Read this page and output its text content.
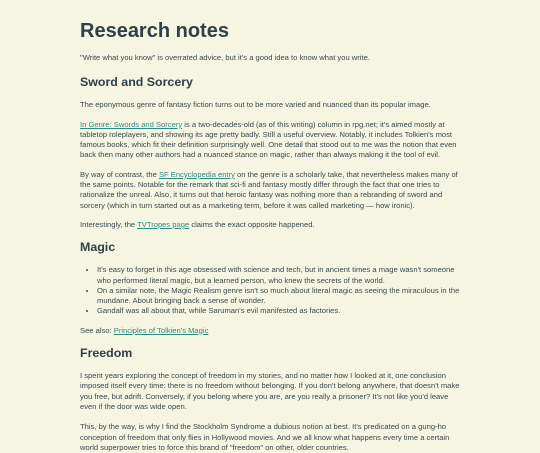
Research notes

"Write what you know" is overrated advice, but it's a good idea to know what you write.

Sword and Sorcery

The eponymous genre of fantasy fiction turns out to be more varied and nuanced than its popular image.

In Genre: Swords and Sorcery is a two-decades-old (as of this writing) column in rpg.net; it's aimed mostly at tabletop roleplayers, and showing its age pretty badly. Still a useful overview. Notably, it includes Tolkien's most famous books, which fit their definition surprisingly well. One detail that stood out to me was the notion that even back then many other authors had a nuanced stance on magic, rather than always making it the tool of evil.

By way of contrast, the SF Encyclopedia entry on the genre is a scholarly take, that nevertheless makes many of the same points. Notable for the remark that sci-fi and fantasy mostly differ through the fact that one tries to rationalize the unreal. Also, it turns out that heroic fantasy was nothing more than a rebranding of sword and sorcery (which in turn started out as a marketing term, before it was called marketing — how ironic).

Interestingly, the TVTropes page claims the exact opposite happened.

Magic
• It's easy to forget in this age obsessed with science and tech, but in ancient times a mage wasn't someone who performed literal magic, but a learned person, who knew the secrets of the world.
• On a similar note, the Magic Realism genre isn't so much about literal magic as seeing the miraculous in the mundane. About bringing back a sense of wonder.
• Gandalf was all about that, while Saruman's evil manifested as factories.

See also: Principles of Tolkien's Magic

Freedom

I spent years exploring the concept of freedom in my stories, and no matter how I looked at it, one conclusion imposed itself every time: there is no freedom without belonging. If you don't belong anywhere, that doesn't make you free, but adrift. Conversely, if you belong where you are, are you really a prisoner? It's not like you'd leave even if the door was wide open.

This, by the way, is why I find the Stockholm Syndrome a dubious notion at best. It's predicated on a gung-ho conception of freedom that only flies in Hollywood movies. And we all know what happens every time a certain world superpower tries to force this brand of "freedom" on other, older countries.
